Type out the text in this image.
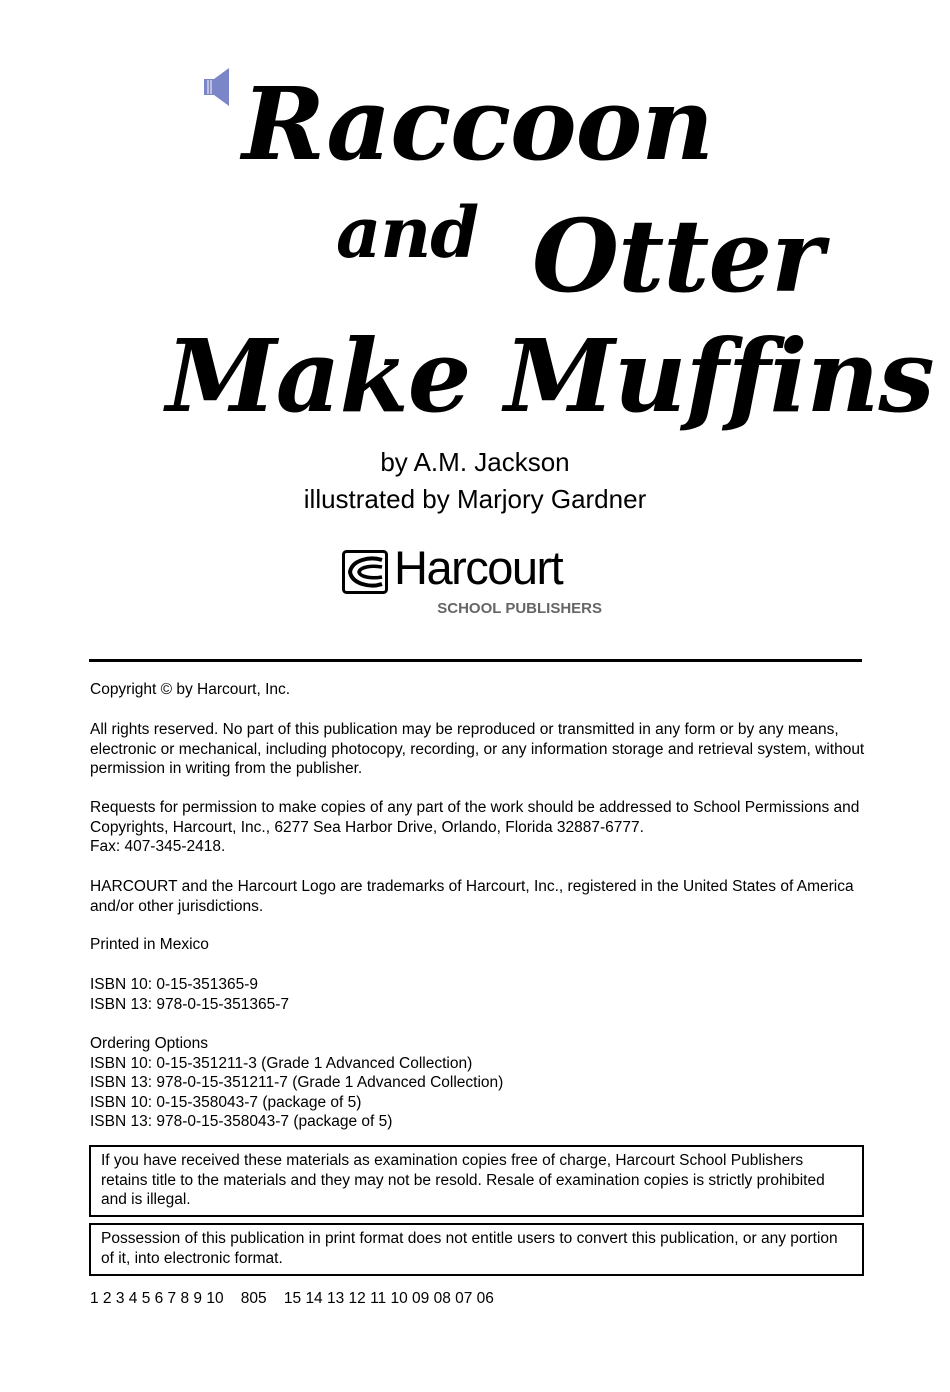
Raccoon
and Otter
Make Muffins
by A.M. Jackson
illustrated by Marjory Gardner
Harcourt
SCHOOL PUBLISHERS

Copyright © by Harcourt, Inc.

All rights reserved. No part of this publication may be reproduced or transmitted in any form or by any means, electronic or mechanical, including photocopy, recording, or any information storage and retrieval system, without permission in writing from the publisher.

Requests for permission to make copies of any part of the work should be addressed to School Permissions and Copyrights, Harcourt, Inc., 6277 Sea Harbor Drive, Orlando, Florida 32887-6777.

Fax: 407-345-2418.

HARCOURT and the Harcourt Logo are trademarks of Harcourt, Inc., registered in the United States of America and/or other jurisdictions.

Printed in Mexico

ISBN 10: 0-15-351365-9

ISBN 13: 978-0-15-351365-7

Ordering Options

ISBN 10: 0-15-351211-3 (Grade 1 Advanced Collection)

ISBN 13: 978-0-15-351211-7 (Grade 1 Advanced Collection)

ISBN 10: 0-15-358043-7 (package of 5)

ISBN 13: 978-0-15-358043-7 (package of 5)

If you have received these materials as examination copies free of charge, Harcourt School Publishers retains title to the materials and they may not be resold. Resale of examination copies is strictly prohibited and is illegal.
Possession of this publication in print format does not entitle users to convert this publication, or any portion of it, into electronic format.
1 2 3 4 5 6 7 8 9 10    805    15 14 13 12 11 10 09 08 07 06
